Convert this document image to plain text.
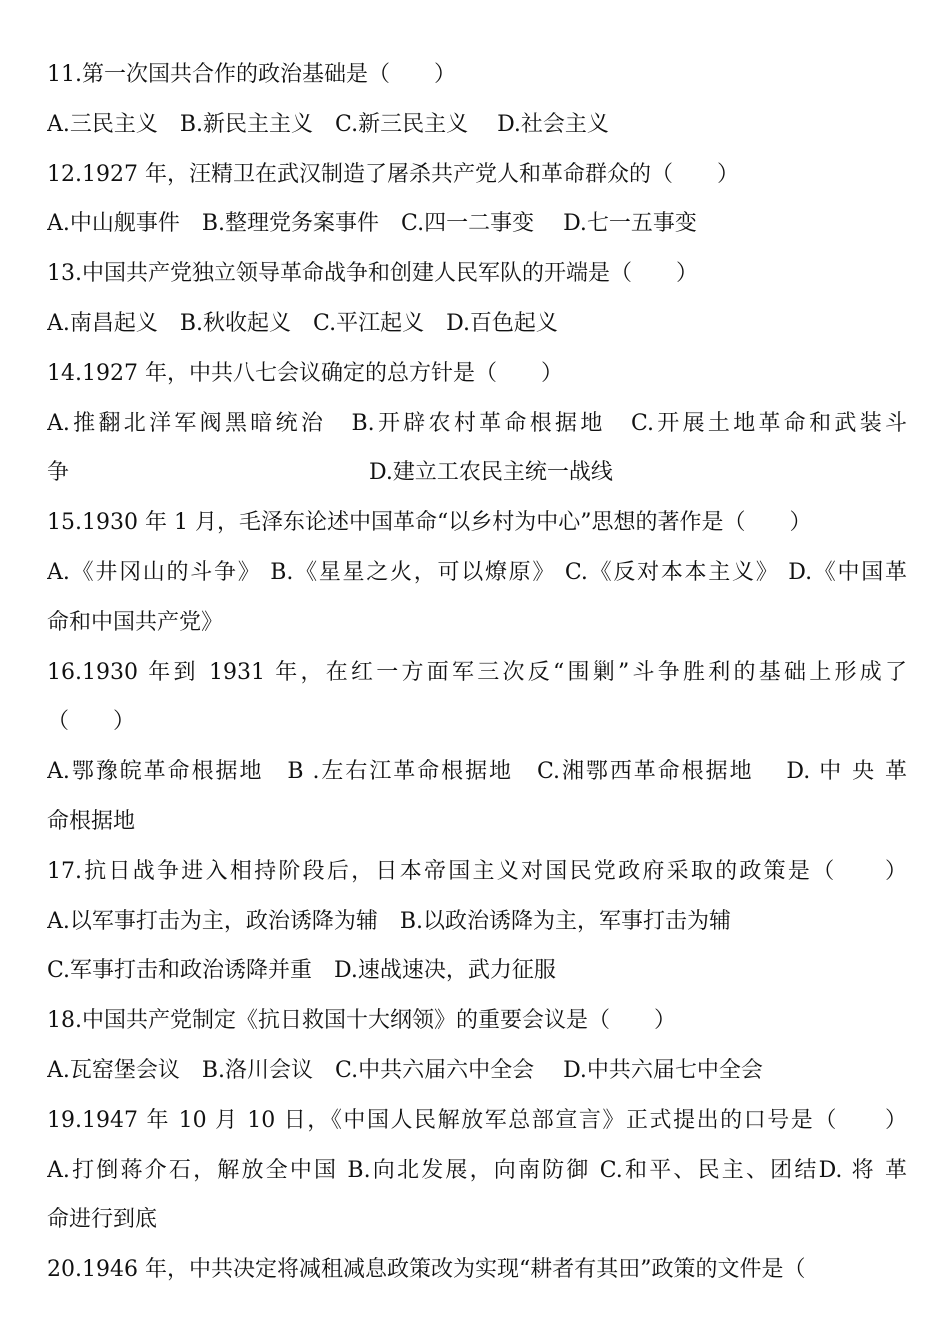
11.第一次国共合作的政治基础是（　　）
A.三民主义　B.新民主主义　C.新三民主义　 D.社会主义
12.1927 年，汪精卫在武汉制造了屠杀共产党人和革命群众的（　　）
A.中山舰事件　B.整理党务案事件　C.四一二事变　 D.七一五事变
13.中国共产党独立领导革命战争和创建人民军队的开端是（　　）
A.南昌起义　B.秋收起义　C.平江起义　D.百色起义
14.1927 年，中共八七会议确定的总方针是（　　）
A.推翻北洋军阀黑暗统治　B.开辟农村革命根据地　C.开展土地革命和武装斗
争	D.建立工农民主统一战线
15.1930 年 1 月，毛泽东论述中国革命“以乡村为中心”思想的著作是（　　）
A.《井冈山的斗争》 B.《星星之火，可以燎原》 C.《反对本本主义》 D.《中国革
命和中国共产党》
16.1930 年到 1931 年，在红一方面军三次反“围剿”斗争胜利的基础上形成了
（　　）
A.鄂豫皖革命根据地　B .左右江革命根据地　C.湘鄂西革命根据地　 D. 中 央 革
命根据地
17.抗日战争进入相持阶段后，日本帝国主义对国民党政府采取的政策是（　　）
A.以军事打击为主，政治诱降为辅　B.以政治诱降为主，军事打击为辅
C.军事打击和政治诱降并重　D.速战速决，武力征服
18.中国共产党制定《抗日救国十大纲领》的重要会议是（　　）
A.瓦窑堡会议　B.洛川会议　C.中共六届六中全会　 D.中共六届七中全会
19.1947 年 10 月 10 日，《中国人民解放军总部宣言》正式提出的口号是（　　）
A.打倒蒋介石，解放全中国 B.向北发展，向南防御 C.和平、民主、团结D. 将 革
命进行到底
20.1946 年，中共决定将减租减息政策改为实现“耕者有其田”政策的文件是（
